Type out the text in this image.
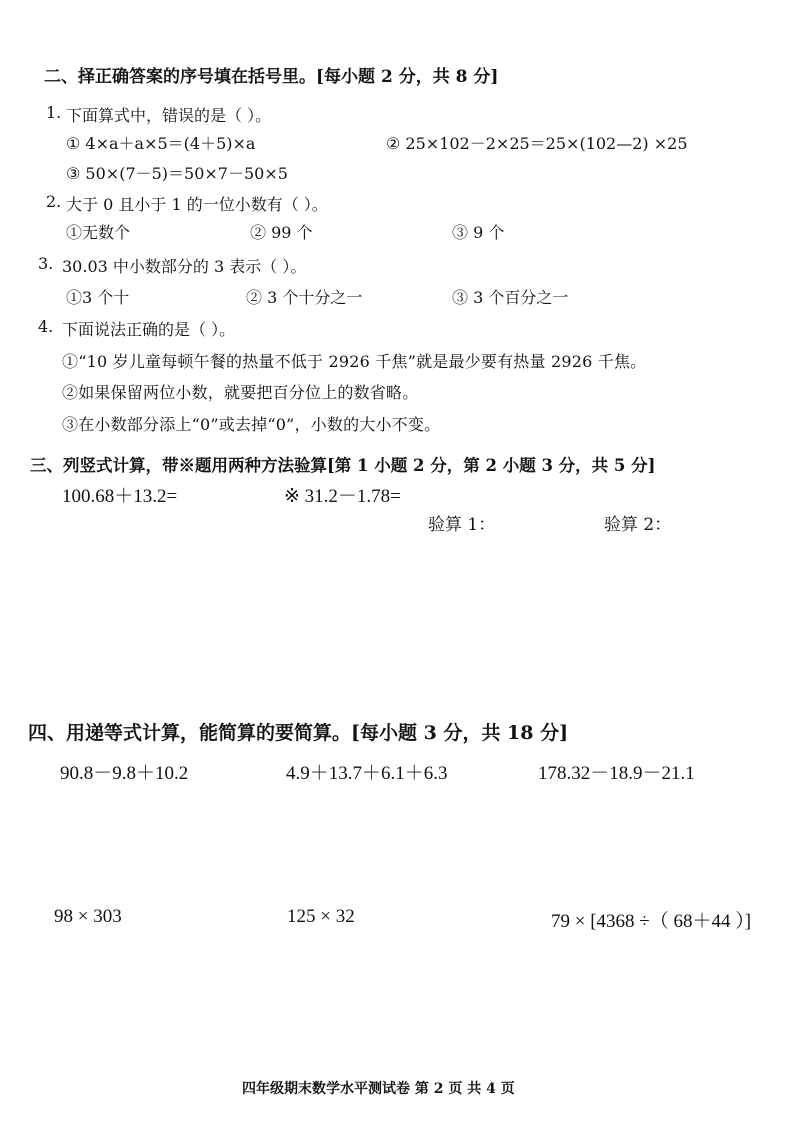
二、择正确答案的序号填在括号里。[每小题 2 分，共 8 分]
1. 下面算式中，错误的是（ ）。
① 4×a＋a×5＝(4＋5)×a	② 25×102－2×25＝25×(102—2) ×25
③ 50×(7－5)＝50×7－50×5
2. 大于 0 且小于 1 的一位小数有（ ）。
①无数个	② 99 个	③ 9 个
3. 30.03 中小数部分的 3 表示（ ）。
①3 个十	② 3 个十分之一	③ 3 个百分之一
4. 下面说法正确的是（ ）。
①“10 岁儿童每顿午餐的热量不低于 2926 千焦”就是最少要有热量 2926 千焦。
②如果保留两位小数，就要把百分位上的数省略。
③在小数部分添上“0”或去掉“0”，小数的大小不变。
三、列竖式计算，带※题用两种方法验算[第 1 小题 2 分，第 2 小题 3 分，共 5 分]
100.68＋13.2=	※ 31.2－1.78=
验算 1：	验算 2：
四、用递等式计算，能简算的要简算。[每小题 3 分，共 18 分]
90.8－9.8＋10.2	4.9＋13.7＋6.1＋6.3	178.32－18.9－21.1
98 × 303	125 × 32	79 × [4368 ÷（ 68＋44 ）]
四年级期末数学水平测试卷 第 2 页 共 4 页
